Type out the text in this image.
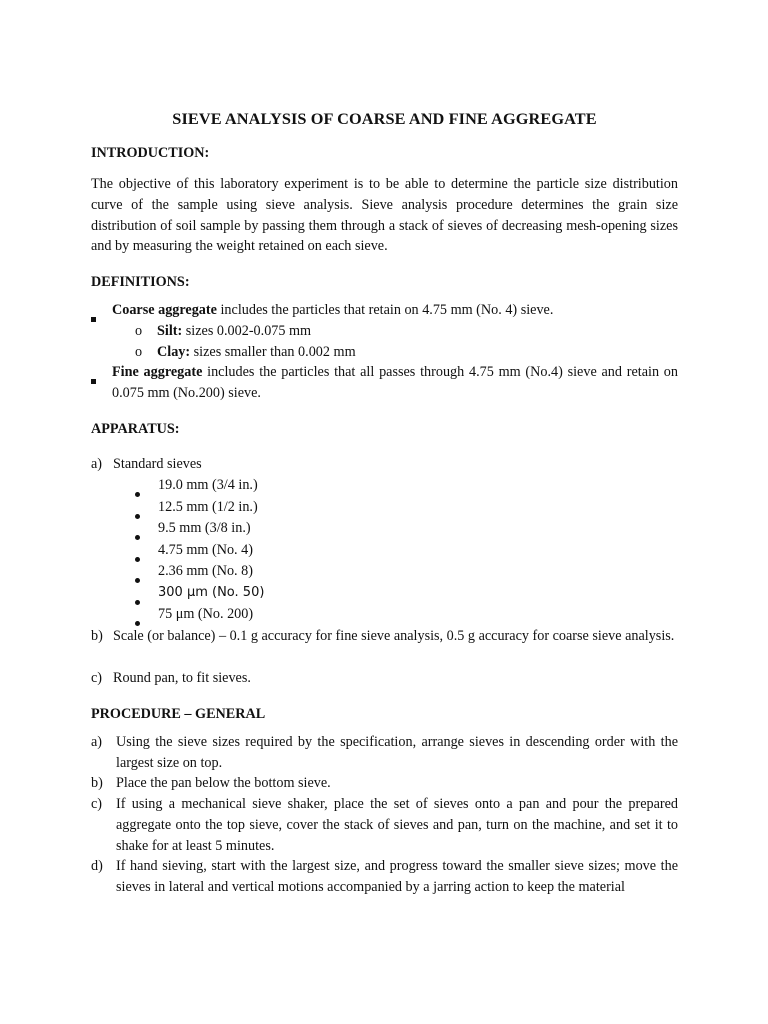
SIEVE ANALYSIS OF COARSE AND FINE AGGREGATE
INTRODUCTION:

The objective of this laboratory experiment is to be able to determine the particle size distribution curve of the sample using sieve analysis. Sieve analysis procedure determines the grain size distribution of soil sample by passing them through a stack of sieves of decreasing mesh-opening sizes and by measuring the weight retained on each sieve.

DEFINITIONS:
Coarse aggregate includes the particles that retain on 4.75 mm (No. 4) sieve.
o Silt: sizes 0.002-0.075 mm
o Clay: sizes smaller than 0.002 mm
Fine aggregate includes the particles that all passes through 4.75 mm (No.4) sieve and retain on 0.075 mm (No.200) sieve.
APPARATUS:
a) Standard sieves
19.0 mm (3/4 in.)
12.5 mm (1/2 in.)
9.5 mm (3/8 in.)
4.75 mm (No. 4)
2.36 mm (No. 8)
300 μm (No. 50)
75 μm (No. 200)
b) Scale (or balance) – 0.1 g accuracy for fine sieve analysis, 0.5 g accuracy for coarse sieve analysis.
c) Round pan, to fit sieves.
PROCEDURE – GENERAL
a) Using the sieve sizes required by the specification, arrange sieves in descending order with the largest size on top.
b) Place the pan below the bottom sieve.
c) If using a mechanical sieve shaker, place the set of sieves onto a pan and pour the prepared aggregate onto the top sieve, cover the stack of sieves and pan, turn on the machine, and set it to shake for at least 5 minutes.
d) If hand sieving, start with the largest size, and progress toward the smaller sieve sizes; move the sieves in lateral and vertical motions accompanied by a jarring action to keep the material
